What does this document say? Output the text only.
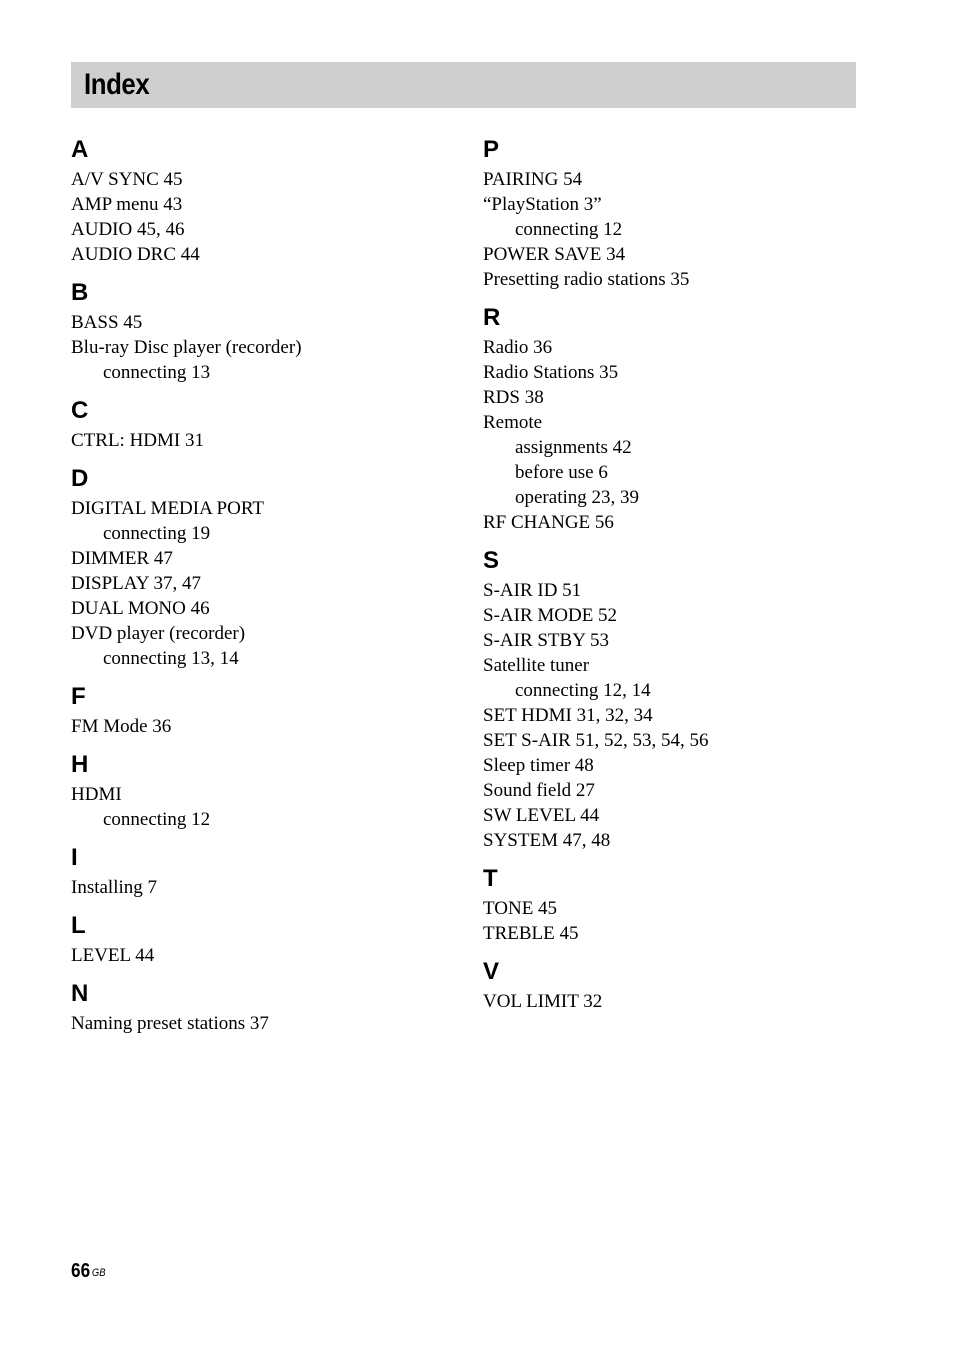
Index
A
A/V SYNC 45
AMP menu 43
AUDIO 45, 46
AUDIO DRC 44
B
BASS 45
Blu-ray Disc player (recorder)
connecting 13
C
CTRL: HDMI 31
D
DIGITAL MEDIA PORT
connecting 19
DIMMER 47
DISPLAY 37, 47
DUAL MONO 46
DVD player (recorder)
connecting 13, 14
F
FM Mode 36
H
HDMI
connecting 12
I
Installing 7
L
LEVEL 44
N
Naming preset stations 37
P
PAIRING 54
“PlayStation 3”
connecting 12
POWER SAVE 34
Presetting radio stations 35
R
Radio 36
Radio Stations 35
RDS 38
Remote
assignments 42
before use 6
operating 23, 39
RF CHANGE 56
S
S-AIR ID 51
S-AIR MODE 52
S-AIR STBY 53
Satellite tuner
connecting 12, 14
SET HDMI 31, 32, 34
SET S-AIR 51, 52, 53, 54, 56
Sleep timer 48
Sound field 27
SW LEVEL 44
SYSTEM 47, 48
T
TONE 45
TREBLE 45
V
VOL LIMIT 32
66 $^{GB}$
